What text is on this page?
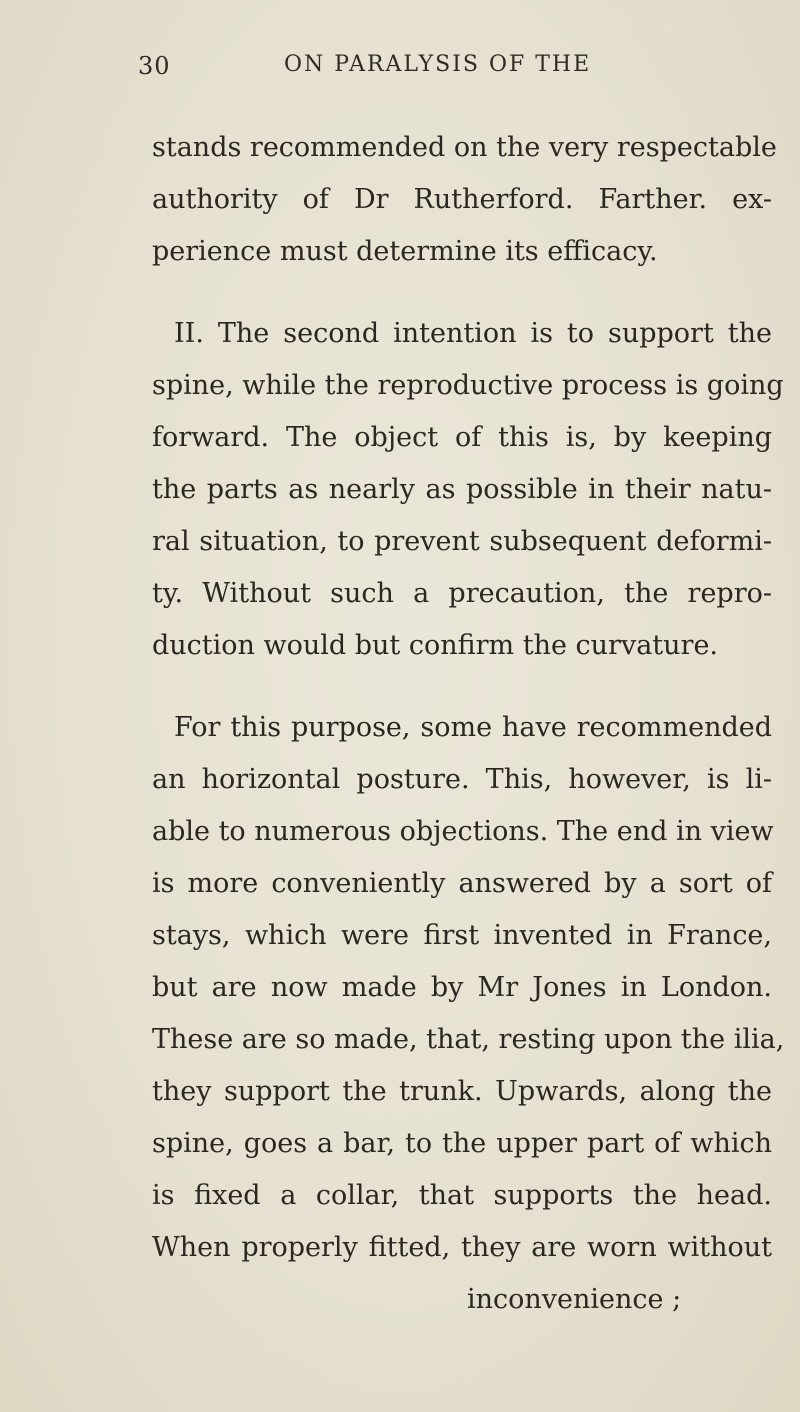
30	ON PARALYSIS OF THE
stands recommended on the very respectable
authority of Dr Rutherford. Farther. ex-
perience must determine its efficacy.
II. The second intention is to support the
spine, while the reproductive process is going
forward. The object of this is, by keeping
the parts as nearly as possible in their natu-
ral situation, to prevent subsequent deformi-
ty. Without such a precaution, the repro-
duction would but confirm the curvature.
For this purpose, some have recommended
an horizontal posture. This, however, is li-
able to numerous objections. The end in view
is more conveniently answered by a sort of
stays, which were first invented in France,
but are now made by Mr Jones in London.
These are so made, that, resting upon the ilia,
they support the trunk. Upwards, along the
spine, goes a bar, to the upper part of which
is fixed a collar, that supports the head.
When properly fitted, they are worn without
inconvenience ;
